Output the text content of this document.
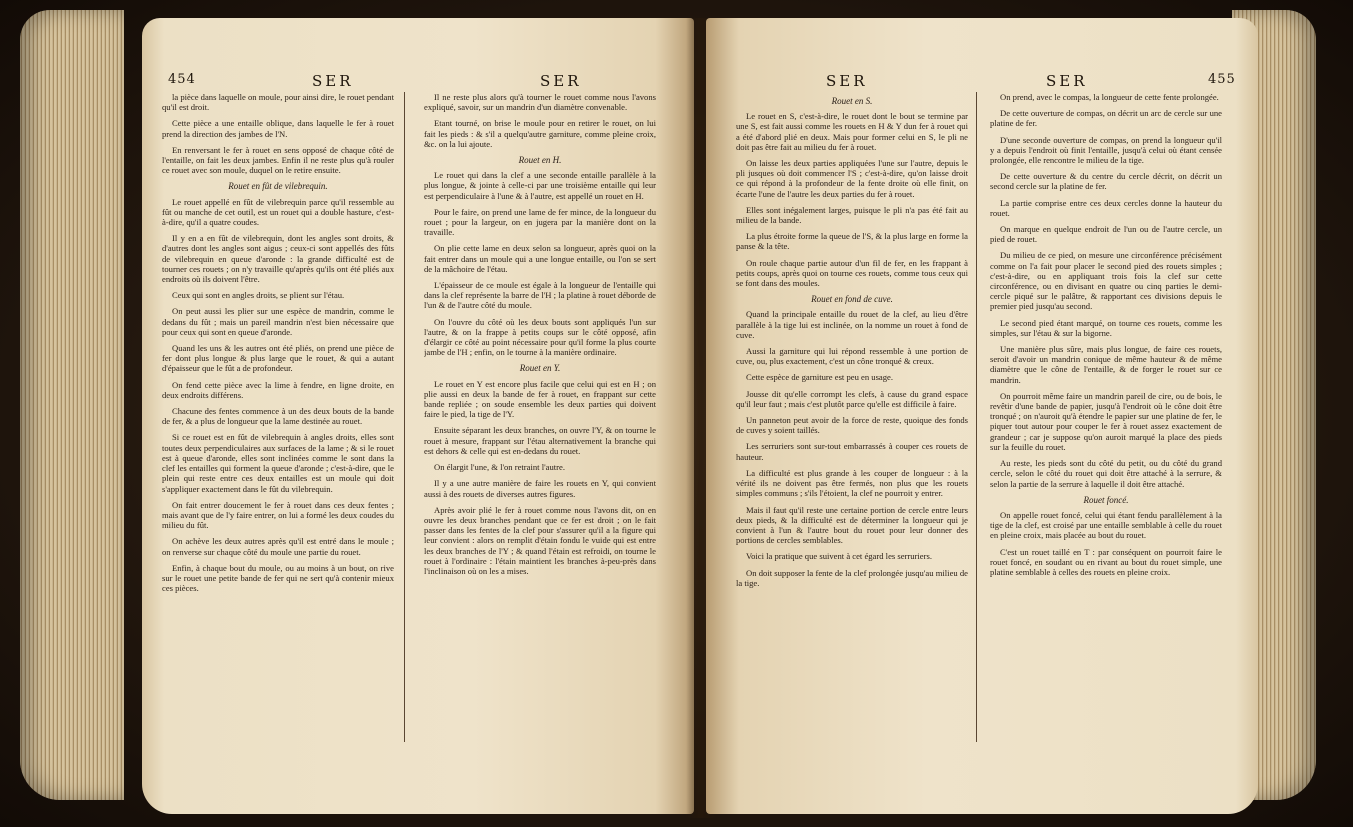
454	SER	SER

la pièce dans laquelle on moule, pour ainsi dire, le rouet pendant qu'il est droit.

Cette pièce a une entaille oblique, dans laquelle le fer à rouet prend la direction des jambes de l'N.

En renversant le fer à rouet en sens opposé de chaque côté de l'entaille, on fait les deux jambes. Enfin il ne reste plus qu'à rouler ce rouet avec son moule, duquel on le retire ensuite.

Rouet en fût de vilebrequin.

Le rouet appellé en fût de vilebrequin parce qu'il ressemble au fût ou manche de cet outil, est un rouet qui a double hasture, c'est-à-dire, qu'il a quatre coudes.

Il y en a en fût de vilebrequin, dont les angles sont droits, & d'autres dont les angles sont aigus ; ceux-ci sont appellés des fûts de vilebrequin en queue d'aronde : la grande difficulté est de tourner ces rouets ; on n'y travaille qu'après qu'ils ont été pliés aux endroits où ils doivent l'être.

Ceux qui sont en angles droits, se plient sur l'étau.

On peut aussi les plier sur une espèce de mandrin, comme le dedans du fût ; mais un pareil mandrin n'est bien nécessaire que pour ceux qui sont en queue d'aronde.

Quand les uns & les autres ont été pliés, on prend une pièce de fer dont plus longue & plus large que le rouet, & qui a autant d'épaisseur que le fût a de profondeur.

On fend cette pièce avec la lime à fendre, en ligne droite, en deux endroits différens.

Chacune des fentes commence à un des deux bouts de la bande de fer, & a plus de longueur que la lame destinée au rouet.

Si ce rouet est en fût de vilebrequin à angles droits, elles sont toutes deux perpendiculaires aux surfaces de la lame ; & si le rouet est à queue d'aronde, elles sont inclinées comme le sont dans la clef les entailles qui forment la queue d'aronde ; c'est-à-dire, que le plein qui reste entre ces deux entailles est un moule qui doit s'appliquer exactement dans le fût du vilebrequin.

On fait entrer doucement le fer à rouet dans ces deux fentes ; mais avant que de l'y faire entrer, on lui a formé les deux coudes du milieu du fût.

On achève les deux autres après qu'il est entré dans le moule ; on renverse sur chaque côté du moule une partie du rouet.

Enfin, à chaque bout du moule, ou au moins à un bout, on rive sur le rouet une petite bande de fer qui ne sert qu'à contenir mieux ces pièces.

Il ne reste plus alors qu'à tourner le rouet comme nous l'avons expliqué, savoir, sur un mandrin d'un diamètre convenable.

Etant tourné, on brise le moule pour en retirer le rouet, on lui fait les pieds : & s'il a quelqu'autre garniture, comme pleine croix, &c. on la lui ajoute.

Rouet en H.

Le rouet qui dans la clef a une seconde entaille parallèle à la plus longue, & jointe à celle-ci par une troisième entaille qui leur est perpendiculaire à l'une & à l'autre, est appellé un rouet en H.

Pour le faire, on prend une lame de fer mince, de la longueur du rouet ; pour la largeur, on en jugera par la manière dont on la travaille.

On plie cette lame en deux selon sa longueur, après quoi on la fait entrer dans un moule qui a une longue entaille, ou l'on se sert de la mâchoire de l'étau.

L'épaisseur de ce moule est égale à la longueur de l'entaille qui dans la clef représente la barre de l'H ; la platine à rouet déborde de l'un & de l'autre côté du moule.

On l'ouvre du côté où les deux bouts sont appliqués l'un sur l'autre, & on la frappe à petits coups sur le côté opposé, afin d'élargir ce côté au point nécessaire pour qu'il forme la plus courte jambe de l'H ; enfin, on le tourne à la manière ordinaire.

Rouet en Y.

Le rouet en Y est encore plus facile que celui qui est en H ; on plie aussi en deux la bande de fer à rouet, en frappant sur cette bande repliée ; on soude ensemble les deux parties qui doivent faire le pied, la tige de l'Y.

Ensuite séparant les deux branches, on ouvre l'Y, & on tourne le rouet à mesure, frappant sur l'étau alternativement la branche qui est dehors & celle qui est en-dedans du rouet.

On élargit l'une, & l'on retraint l'autre.

Il y a une autre manière de faire les rouets en Y, qui convient aussi à des rouets de diverses autres figures.

Après avoir plié le fer à rouet comme nous l'avons dit, on en ouvre les deux branches pendant que ce fer est droit ; on le fait passer dans les fentes de la clef pour s'assurer qu'il a la figure qui leur convient : alors on remplit d'étain fondu le vuide qui est entre les deux branches de l'Y ; & quand l'étain est refroidi, on tourne le rouet à l'ordinaire : l'étain maintient les branches à-peu-près dans l'inclinaison où on les a mises.

SER	SER	455
Rouet en S.

Le rouet en S, c'est-à-dire, le rouet dont le bout se termine par une S, est fait aussi comme les rouets en H & Y dun fer à rouet qui a été d'abord plié en deux. Mais pour former celui en S, le pli ne doit pas être fait au milieu du fer à rouet.

On laisse les deux parties appliquées l'une sur l'autre, depuis le pli jusques où doit commencer l'S ; c'est-à-dire, qu'on laisse droit ce qui répond à la profondeur de la fente droite où elle finit, on écarte l'une de l'autre les deux parties du fer à rouet.

Elles sont inégalement larges, puisque le pli n'a pas été fait au milieu de la bande.

La plus étroite forme la queue de l'S, & la plus large en forme la panse & la tête.

On roule chaque partie autour d'un fil de fer, en les frappant à petits coups, après quoi on tourne ces rouets, comme tous ceux qui se font dans des moules.

Rouet en fond de cuve.

Quand la principale entaille du rouet de la clef, au lieu d'être parallèle à la tige lui est inclinée, on la nomme un rouet à fond de cuve.

Aussi la garniture qui lui répond ressemble à une portion de cuve, ou, plus exactement, c'est un cône tronqué & creux.

Cette espèce de garniture est peu en usage.

Jousse dit qu'elle corrompt les clefs, à cause du grand espace qu'il leur faut ; mais c'est plutôt parce qu'elle est difficile à faire.

Un panneton peut avoir de la force de reste, quoique des fonds de cuves y soient taillés.

Les serruriers sont sur-tout embarrassés à couper ces rouets de hauteur.

La difficulté est plus grande à les couper de longueur : à la vérité ils ne doivent pas être fermés, non plus que les rouets simples communs ; s'ils l'étoient, la clef ne pourroit y entrer.

Mais il faut qu'il reste une certaine portion de cercle entre leurs deux pieds, & la difficulté est de déterminer la longueur qui je convient à l'un & l'autre bout du rouet pour leur donner des portions de cercles semblables.

Voici la pratique que suivent à cet égard les serruriers.

On doit supposer la fente de la clef prolongée jusqu'au milieu de la tige.

On prend, avec le compas, la longueur de cette fente prolongée.

De cette ouverture de compas, on décrit un arc de cercle sur une platine de fer.

D'une seconde ouverture de compas, on prend la longueur qu'il y a depuis l'endroit où finit l'entaille, jusqu'à celui où étant censée prolongée, elle rencontre le milieu de la tige.

De cette ouverture & du centre du cercle décrit, on décrit un second cercle sur la platine de fer.

La partie comprise entre ces deux cercles donne la hauteur du rouet.

On marque en quelque endroit de l'un ou de l'autre cercle, un pied de rouet.

Du milieu de ce pied, on mesure une circonférence précisément comme on l'a fait pour placer le second pied des rouets simples ; c'est-à-dire, ou en appliquant trois fois la clef sur cette circonférence, ou en divisant en quatre ou cinq parties le demi-cercle piqué sur le palâtre, & rapportant ces divisions depuis le premier pied jusqu'au second.

Le second pied étant marqué, on tourne ces rouets, comme les simples, sur l'étau & sur la bigorne.

Une manière plus sûre, mais plus longue, de faire ces rouets, seroit d'avoir un mandrin conique de même hauteur & de même diamètre que le cône de l'entaille, & de forger le rouet sur ce mandrin.

On pourroit même faire un mandrin pareil de cire, ou de bois, le revêtir d'une bande de papier, jusqu'à l'endroit où le cône doit être tronqué ; on n'auroit qu'à étendre le papier sur une platine de fer, le piquer tout autour pour couper le fer à rouet assez exactement de grandeur ; car je suppose qu'on auroit marqué la place des pieds sur la feuille du rouet.

Au reste, les pieds sont du côté du petit, ou du côté du grand cercle, selon le côté du rouet qui doit être attaché à la serrure, & selon la partie de la serrure à laquelle il doit être attaché.

Rouet foncé.

On appelle rouet foncé, celui qui étant fendu parallèlement à la tige de la clef, est croisé par une entaille semblable à celle du rouet en pleine croix, mais placée au bout du rouet.

C'est un rouet taillé en T : par conséquent on pourroit faire le rouet foncé, en soudant ou en rivant au bout du rouet simple, une platine semblable à celles des rouets en pleine croix.
